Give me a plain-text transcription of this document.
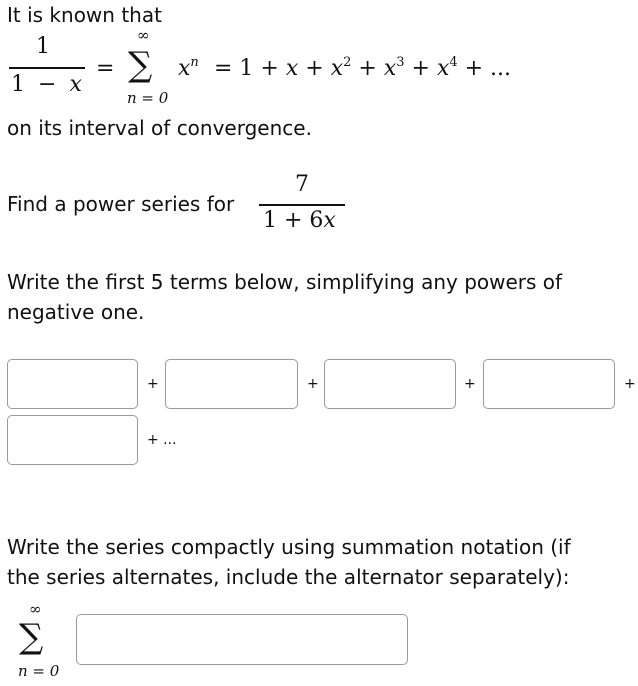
It is known that
1
1 − x
=
∞
∑
n = 0
$x^n = 1 + x + x^2 + x^3 + x^4$ + ...
on its interval of convergence.
Find a power series for
7
1 + 6x
Write the first 5 terms below, simplifying any powers of
negative one.
+	+	+	+
+ ...
Write the series compactly using summation notation (if
the series alternates, include the alternator separately):
∞
∑
n = 0
